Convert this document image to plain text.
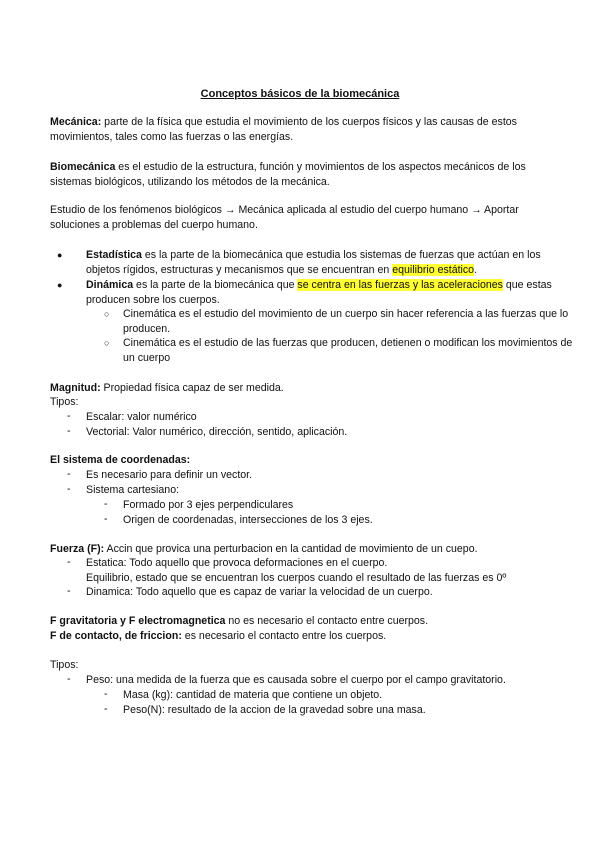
Conceptos básicos de la biomecánica
Mecánica: parte de la física que estudia el movimiento de los cuerpos físicos y las causas de estos movimientos, tales como las fuerzas o las energías.
Biomecánica es el estudio de la estructura, función y movimientos de los aspectos mecánicos de los sistemas biológicos, utilizando los métodos de la mecánica.
Estudio de los fenómenos biológicos → Mecánica aplicada al estudio del cuerpo humano → Aportar soluciones a problemas del cuerpo humano.
● Estadística es la parte de la biomecánica que estudia los sistemas de fuerzas que actúan en los objetos rígidos, estructuras y mecanismos que se encuentran en equilibrio estático.
● Dinámica es la parte de la biomecánica que se centra en las fuerzas y las aceleraciones que estas producen sobre los cuerpos.
○ Cinemática es el estudio del movimiento de un cuerpo sin hacer referencia a las fuerzas que lo producen.
○ Cinemática es el estudio de las fuerzas que producen, detienen o modifican los movimientos de un cuerpo
Magnitud: Propiedad física capaz de ser medida.
Tipos:
- Escalar: valor numérico
- Vectorial: Valor numérico, dirección, sentido, aplicación.
El sistema de coordenadas:
- Es necesario para definir un vector.
- Sistema cartesiano:
- Formado por 3 ejes perpendiculares
- Origen de coordenadas, intersecciones de los 3 ejes.
Fuerza (F): Accin que provica una perturbacion en la cantidad de movimiento de un cuepo.
- Estatica: Todo aquello que provoca deformaciones en el cuerpo.
Equilibrio, estado que se encuentran los cuerpos cuando el resultado de las fuerzas es 0º
- Dinamica: Todo aquello que es capaz de variar la velocidad de un cuerpo.
F gravitatoria y F electromagnetica no es necesario el contacto entre cuerpos.
F de contacto, de friccion: es necesario el contacto entre los cuerpos.
Tipos:
- Peso: una medida de la fuerza que es causada sobre el cuerpo por el campo gravitatorio.
- Masa (kg): cantidad de materia que contiene un objeto.
- Peso(N): resultado de la accion de la gravedad sobre una masa.
